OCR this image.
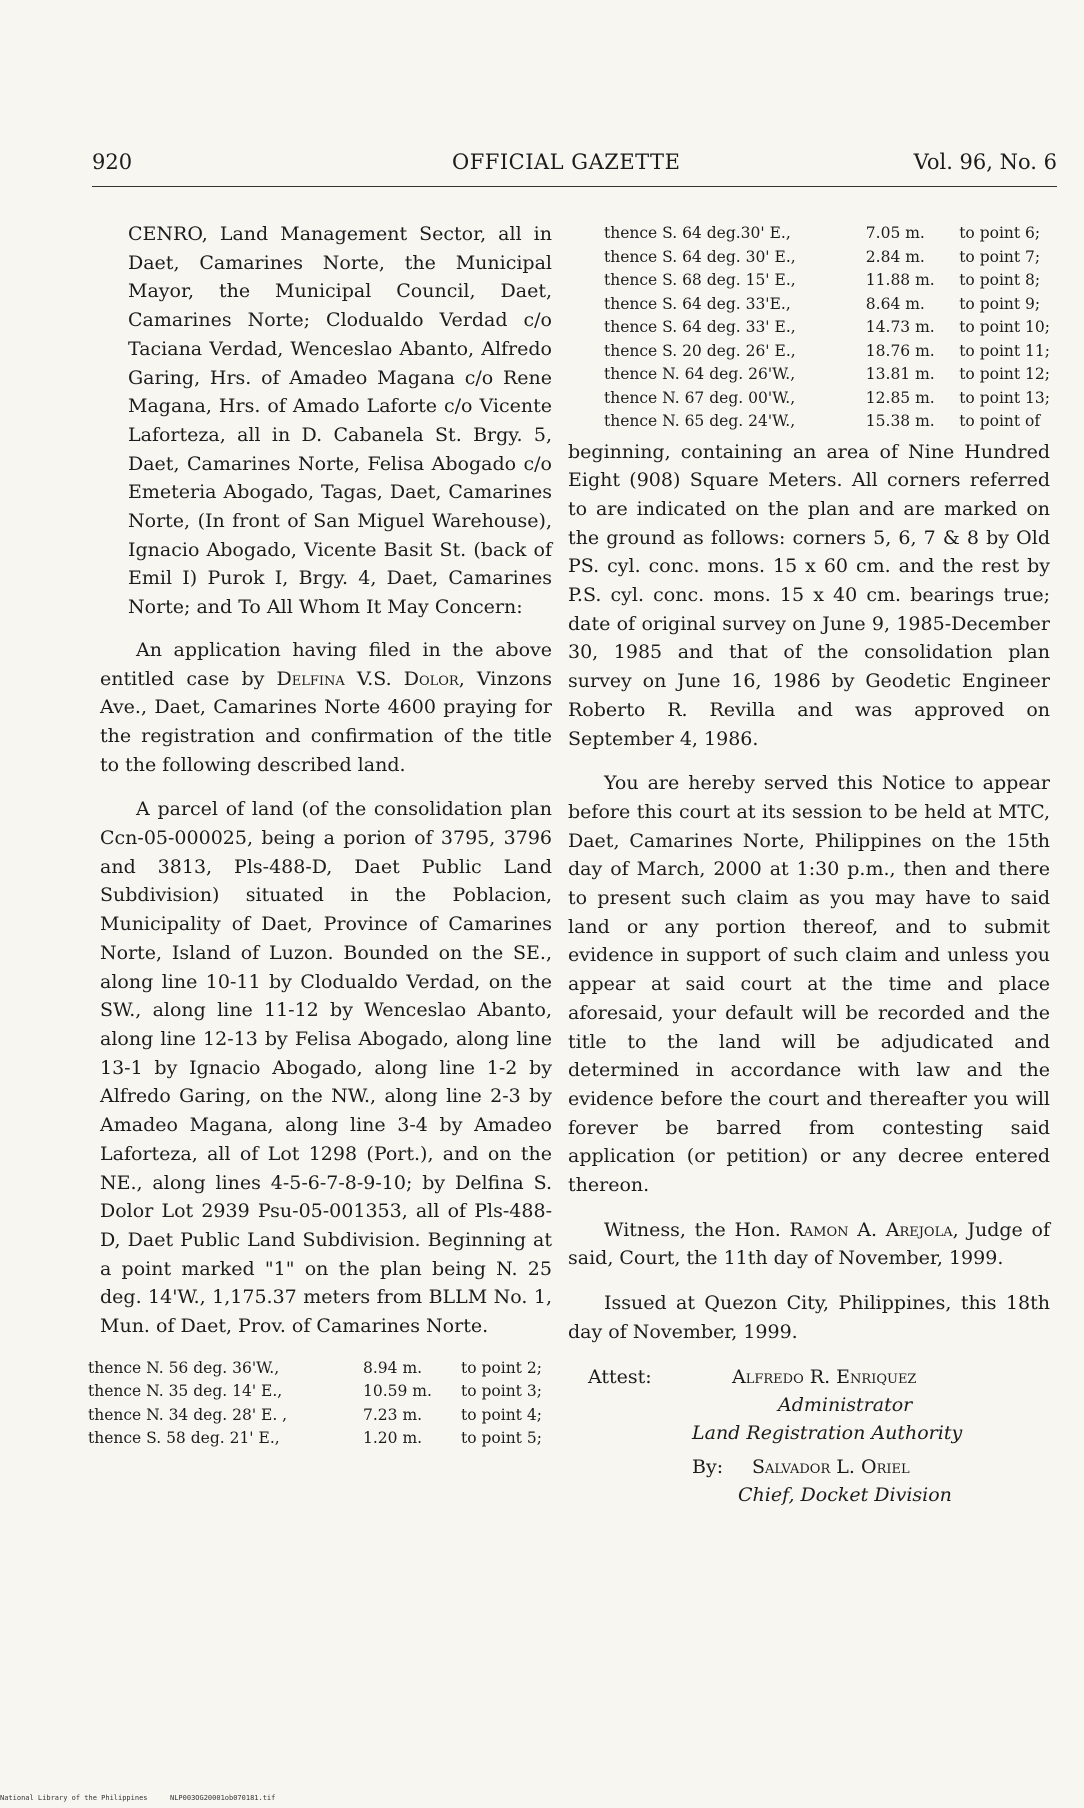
920	OFFICIAL GAZETTE	Vol. 96, No. 6

CENRO, Land Management Sector, all in Daet, Camarines Norte, the Municipal Mayor, the Municipal Council, Daet, Camarines Norte; Clodualdo Verdad c/o Taciana Verdad, Wenceslao Abanto, Alfredo Garing, Hrs. of Amadeo Magana c/o Rene Magana, Hrs. of Amado Laforte c/o Vicente Laforteza, all in D. Cabanela St. Brgy. 5, Daet, Camarines Norte, Felisa Abogado c/o Emeteria Abogado, Tagas, Daet, Camarines Norte, (In front of San Miguel Warehouse), Ignacio Abogado, Vicente Basit St. (back of Emil I) Purok I, Brgy. 4, Daet, Camarines Norte; and To All Whom It May Concern:

An application having filed in the above entitled case by Delfina V.S. Dolor, Vinzons Ave., Daet, Camarines Norte 4600 praying for the registration and confirmation of the title to the following described land.

A parcel of land (of the consolidation plan Ccn-05-000025, being a porion of 3795, 3796 and 3813, Pls-488-D, Daet Public Land Subdivision) situated in the Poblacion, Municipality of Daet, Province of Camarines Norte, Island of Luzon. Bounded on the SE., along line 10-11 by Clodualdo Verdad, on the SW., along line 11-12 by Wenceslao Abanto, along line 12-13 by Felisa Abogado, along line 13-1 by Ignacio Abogado, along line 1-2 by Alfredo Garing, on the NW., along line 2-3 by Amadeo Magana, along line 3-4 by Amadeo Laforteza, all of Lot 1298 (Port.), and on the NE., along lines 4-5-6-7-8-9-10; by Delfina S. Dolor Lot 2939 Psu-05-001353, all of Pls-488-D, Daet Public Land Subdivision. Beginning at a point marked "1" on the plan being N. 25 deg. 14'W., 1,175.37 meters from BLLM No. 1, Mun. of Daet, Prov. of Camarines Norte.

thence N. 56 deg. 36'W.,	8.94 m.	to point 2;
thence N. 35 deg. 14' E.,	10.59 m.	to point 3;
thence N. 34 deg. 28' E. ,	7.23 m.	to point 4;
thence S. 58 deg. 21' E.,	1.20 m.	to point 5;
thence S. 64 deg.30' E.,	7.05 m.	to point 6;
thence S. 64 deg. 30' E.,	2.84 m.	to point 7;
thence S. 68 deg. 15' E.,	11.88 m.	to point 8;
thence S. 64 deg. 33'E.,	8.64 m.	to point 9;
thence S. 64 deg. 33' E.,	14.73 m.	to point 10;
thence S. 20 deg. 26' E.,	18.76 m.	to point 11;
thence N. 64 deg. 26'W.,	13.81 m.	to point 12;
thence N. 67 deg. 00'W.,	12.85 m.	to point 13;
thence N. 65 deg. 24'W.,	15.38 m.	to point of

beginning, containing an area of Nine Hundred Eight (908) Square Meters. All corners referred to are indicated on the plan and are marked on the ground as follows: corners 5, 6, 7 & 8 by Old PS. cyl. conc. mons. 15 x 60 cm. and the rest by P.S. cyl. conc. mons. 15 x 40 cm. bearings true; date of original survey on June 9, 1985-December 30, 1985 and that of the consolidation plan survey on June 16, 1986 by Geodetic Engineer Roberto R. Revilla and was approved on September 4, 1986.

You are hereby served this Notice to appear before this court at its session to be held at MTC, Daet, Camarines Norte, Philippines on the 15th day of March, 2000 at 1:30 p.m., then and there to present such claim as you may have to said land or any portion thereof, and to submit evidence in support of such claim and unless you appear at said court at the time and place aforesaid, your default will be recorded and the title to the land will be adjudicated and determined in accordance with law and the evidence before the court and thereafter you will forever be barred from contesting said application (or petition) or any decree entered thereon.

Witness, the Hon. Ramon A. Arejola, Judge of said, Court, the 11th day of November, 1999.

Issued at Quezon City, Philippines, this 18th day of November, 1999.

Attest:	Alfredo R. Enriquez
Administrator
Land Registration Authority
By: Salvador L. Oriel
Chief, Docket Division
National Library of the Philippines	NLP003OG20001ob070181.tif
